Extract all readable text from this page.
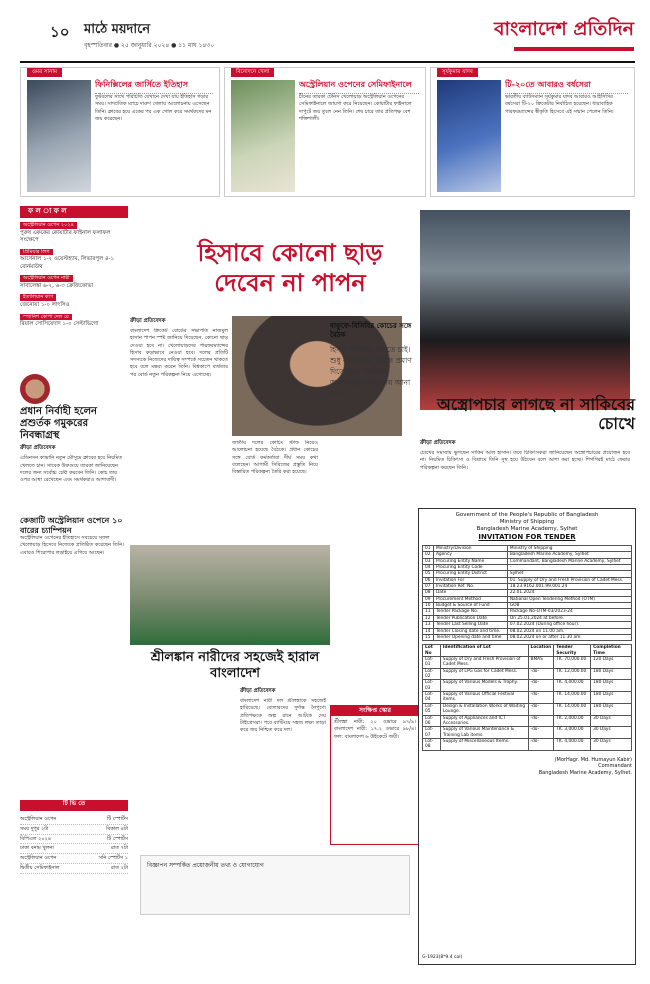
১০ মাঠে ময়দানে
বৃহস্পতিবার ● ২৫ জানুয়ারি ২০২৪ ● ১১ মাঘ ১৪৩০
বাংলাদেশ প্রতিদিন
ওমর সানাম
ফিনিক্সিলের জার্সিতে ইতিহাস
ফুটবলের সাথে পরিচিতি যেখানে দেখা যায় ইতিহাস গড়ার সময়। সাম্প্রতিক ম্যাচে দারুণ খেলায় আলোচনায় এসেছেন তিনি। ক্লাবের হয়ে একের পর এক গোল করে সমর্থকদের মন জয় করেছেন।
বিনোদনে খেলা
অস্ট্রেলিয়ান ওপেনের সেমিফাইনালে
চীনের তারকা টেনিস খেলোয়াড় অস্ট্রেলিয়ান ওপেনের সেমিফাইনালে জায়গা করে নিয়েছেন। কোয়ার্টার ফাইনালে দাপুটে জয় তুলে নেন তিনি। শেষ চারে তার প্রতিপক্ষ বেশ শক্তিশালী।
সূর্যকুমার যাদব
টি-২০তে আবারও বর্ষসেরা
ভারতীয় ব্যাটসম্যান সূর্যকুমার যাদব আবারও আইসিসির বর্ষসেরা টি-২০ ক্রিকেটার নির্বাচিত হয়েছেন। ধারাবাহিক পারফরম্যান্সের স্বীকৃতি হিসেবে এই সম্মান পেলেন তিনি।
ফ ল া ফ ল
অস্ট্রেলিয়ান ওপেন ২০২৪
পুরুষ এককের কোয়ার্টার ফাইনাল ফলাফল সংক্ষেপে
প্রিমিয়ার লিগ
আর্সেনাল ১-২ ওয়েস্টহ্যাম, লিভারপুল ৪-১ বোর্নমাউথ
অস্ট্রেলিয়ান ওপেন নারী
সাবালেঙ্কা ৬-২, ৬-৩ ক্রেজিকোভা
ইতালিয়ান কাপ
জেনোয়া ১-০ লাৎসিও
স্প্যানিশ কোপা দেল রে
রিয়াল সোসিয়েদাদ ১-০ সেল্টাভিগো
প্রধান নির্বাহী হলেন প্রশুর্তক গমুকরের নিবন্ধাগ্রস্থ
ক্রীড়া প্রতিবেদক
এডিনসন কাভানি নতুন মৌসুমে ক্লাবের হয়ে নিয়মিত খেলতে চান। সাবেক উরুগুয়ে তারকা জানিয়েছেন দলের জন্য সর্বোচ্চ চেষ্টা করবেন তিনি। কোচ তার ওপর আস্থা রেখেছেন এবং সমর্থকরাও আশাবাদী।
কেজাটি অস্ট্রেলিয়ান ওপেনে ১০ বারের চ্যাম্পিয়ন
অস্ট্রেলিয়ান ওপেনের ইতিহাসে সবচেয়ে সফল খেলোয়াড় হিসেবে নিজেকে প্রতিষ্ঠিত করেছেন তিনি। এবারও শিরোপার লড়াইয়ে এগিয়ে আছেন।
টি ভি তে
অস্ট্রেলিয়ান ওপেন	টি স্পোর্টস
সময় দুপুর ২টা	বিকাল ৪টা
বিপিএল ২০২৪	টি স্পোর্টস
ঢাকা বনাম খুলনা	রাত ৭টা
অস্ট্রেলিয়ান ওপেন	সনি স্পোর্টস ১
দ্বিতীয় সেমিফাইনাল	রাত ২টা
হিসাবে কোনো ছাড়
দেবেন না পাপন
বাফুফে-বিসিবির কোচের সঙ্গে বৈঠক
ক্রীড়া প্রতিবেদক
বাংলাদেশ ক্রিকেট বোর্ডের সভাপতি নাজমুল হাসান পাপন স্পষ্ট জানিয়ে দিয়েছেন, কোনো ছাড় দেওয়া হবে না। খেলোয়াড়দের পারফরম্যান্সের হিসাব কড়াভাবে নেওয়া হবে। দলের প্রতিটি সদস্যকে নিজেদের দায়িত্ব সম্পর্কে সচেতন থাকতে হবে বলে মন্তব্য করেন তিনি। বিশ্বকাপে ব্যর্থতার পর বোর্ড নতুন পরিকল্পনা নিয়ে এগোচ্ছে।
জাতীয় দলের কোচিং স্টাফ নিয়েও আলোচনা হয়েছে বৈঠকে। প্রধান কোচের সঙ্গে বোর্ড কর্মকর্তারা দীর্ঘ সময় কথা বলেছেন। আগামী সিরিজের প্রস্তুতি নিয়ে বিস্তারিত পরিকল্পনা তৈরি করা হয়েছে।
হিসাব পরিষ্কার দেখতে চাই। শুধু কথায় নয়, কাজে প্রমাণ দিতে হবে। সবাইকে জবাবদিহির আওতায় আনা হবে।
অস্ত্রোপচার লাগছে না সাকিবের চোখে
ক্রীড়া প্রতিবেদক
চোখের সমস্যায় ভুগছেন সাকিব আল হাসান। তবে চিকিৎসকরা জানিয়েছেন অস্ত্রোপচারের প্রয়োজন হবে না। নিয়মিত চিকিৎসা ও বিশ্রামে তিনি সুস্থ হয়ে উঠবেন বলে আশা করা হচ্ছে। শিগগিরই মাঠে ফেরার পরিকল্পনা করছেন তিনি।
শ্রীলঙ্কান নারীদের সহজেই হারাল বাংলাদেশ
ক্রীড়া প্রতিবেদক
বাংলাদেশ নারী দল শ্রীলঙ্কাকে সহজেই হারিয়েছে। বোলারদের দুর্দান্ত নৈপুণ্যে প্রতিপক্ষকে অল্প রানে আটকে দেয় টাইগ্রেসরা। পরে ব্যাটিংয়ে সহজ লক্ষ্য তাড়া করে জয় নিশ্চিত করে দল।
সংক্ষিপ্ত স্কোর
শ্রীলঙ্কা নারী: ২০ ওভারে ৯৭/৯। বাংলাদেশ নারী: ১৭.২ ওভারে ৯৮/৪। ফল: বাংলাদেশ ৬ উইকেটে জয়ী।
বিজ্ঞাপন সম্পর্কিত প্রয়োজনীয় তথ্য ও যোগাযোগ
Government of the People's Republic of Bangladesh
Ministry of Shipping
Bangladesh Marine Academy, Sylhet
INVITATION FOR TENDER
01	Ministry/Division	Ministry of Shipping
02	Agency	Bangladesh Marine Academy, Sylhet
03	Procuring Entity Name	Commandant, Bangladesh Marine Academy, Sylhet
04	Procuring Entity Code	-
05	Procuring Entity District	Sylhet
06	Invitation For	01. Supply of Dry and Fresh Provision of Cadet Mess.
07	Invitation Ref. No.	18.23.9162.001.99.001.24
08	Date	22.01.2024
09	Procurement Method	National Open Tendering Method (OTM)
10	Budget & Source of Fund	GOB
11	Tender Package No.	Package No-OTM-03/2023-24
12	Tender Publication Date	On 25.01.2024 at before.
13	Tender Last Selling Date	07.02.2024 (During office hour).
14	Tender Closing date and time.	08.02.2024 on 11.00 am.
15	Tender Opening date and time	08.02.2024 on or after 11.30 am.
Lot No	Identification of Lot	Location	Tender Security	Completion Time
Lot-01	Supply of Dry and Fresh Provision of Cadet Mess.	BMAS	TK. 70,000.00	120 Days
Lot-02	Supply of LPG Gas for Cadet Mess.	-do-	TK. 12,000.00	180 Days
Lot-03	Supply of Various Models & Trophy.	-do-	TK. 4,000.00	180 Days
Lot-04	Supply of Various Official Festival items.	-do-	TK. 14,000.00	180 Days
Lot-05	Design & Installation Works of Waiting Lounge.	-do-	TK. 14,000.00	180 Days
Lot-06	Supply of Appliances and ICT Accessories.	-do-	TK. 2,000.00	30 Days
Lot-07	Supply of Various Maintenance & Training Lab items.	-do-	TK. 3,000.00	30 Days
Lot-08	Supply of Miscellaneous Items.	-do-	TK. 4,000.00	30 Days
(MorHagr. Md. Humayun Kabir)
Commandant
Bangladesh Marine Academy, Sylhet.
G-1923(8*9.4 col)
